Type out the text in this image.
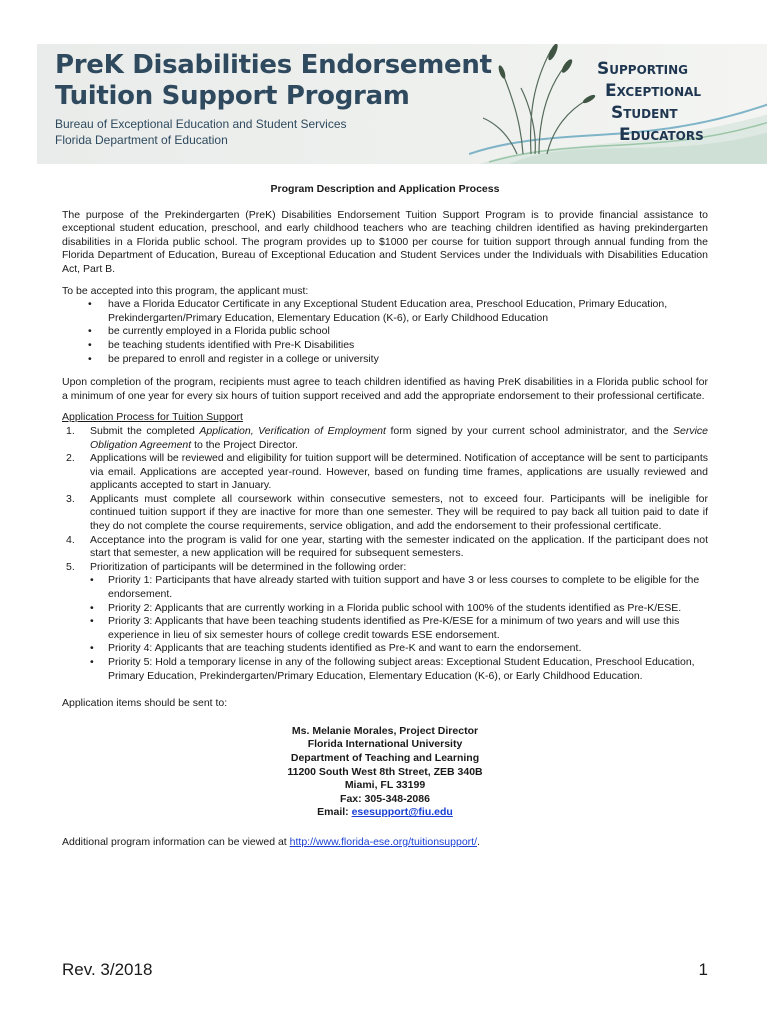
PreK Disabilities Endorsement
Tuition Support Program
Bureau of Exceptional Education and Student Services
Florida Department of Education
Supporting
Exceptional
Student
Educators
Program Description and Application Process

The purpose of the Prekindergarten (PreK) Disabilities Endorsement Tuition Support Program is to provide financial assistance to exceptional student education, preschool, and early childhood teachers who are teaching children identified as having prekindergarten disabilities in a Florida public school. The program provides up to $1000 per course for tuition support through annual funding from the Florida Department of Education, Bureau of Exceptional Education and Student Services under the Individuals with Disabilities Education Act, Part B.

To be accepted into this program, the applicant must:
• have a Florida Educator Certificate in any Exceptional Student Education area, Preschool Education, Primary Education, Prekindergarten/Primary Education, Elementary Education (K-6), or Early Childhood Education
• be currently employed in a Florida public school
• be teaching students identified with Pre-K Disabilities
• be prepared to enroll and register in a college or university

Upon completion of the program, recipients must agree to teach children identified as having PreK disabilities in a Florida public school for a minimum of one year for every six hours of tuition support received and add the appropriate endorsement to their professional certificate.

Application Process for Tuition Support
1. Submit the completed Application, Verification of Employment form signed by your current school administrator, and the Service Obligation Agreement to the Project Director.
2. Applications will be reviewed and eligibility for tuition support will be determined. Notification of acceptance will be sent to participants via email. Applications are accepted year-round. However, based on funding time frames, applications are usually reviewed and applicants accepted to start in January.
3. Applicants must complete all coursework within consecutive semesters, not to exceed four. Participants will be ineligible for continued tuition support if they are inactive for more than one semester. They will be required to pay back all tuition paid to date if they do not complete the course requirements, service obligation, and add the endorsement to their professional certificate.
4. Acceptance into the program is valid for one year, starting with the semester indicated on the application. If the participant does not start that semester, a new application will be required for subsequent semesters.
5. Prioritization of participants will be determined in the following order:
• Priority 1: Participants that have already started with tuition support and have 3 or less courses to complete to be eligible for the endorsement.
• Priority 2: Applicants that are currently working in a Florida public school with 100% of the students identified as Pre-K/ESE.
• Priority 3: Applicants that have been teaching students identified as Pre-K/ESE for a minimum of two years and will use this experience in lieu of six semester hours of college credit towards ESE endorsement.
• Priority 4: Applicants that are teaching students identified as Pre-K and want to earn the endorsement.
• Priority 5: Hold a temporary license in any of the following subject areas: Exceptional Student Education, Preschool Education, Primary Education, Prekindergarten/Primary Education, Elementary Education (K-6), or Early Childhood Education.
Application items should be sent to:
Ms. Melanie Morales, Project Director
Florida International University
Department of Teaching and Learning
11200 South West 8th Street, ZEB 340B
Miami, FL 33199
Fax: 305-348-2086
Email: esesupport@fiu.edu
Additional program information can be viewed at http://www.florida-ese.org/tuitionsupport/.
Rev. 3/2018	1
